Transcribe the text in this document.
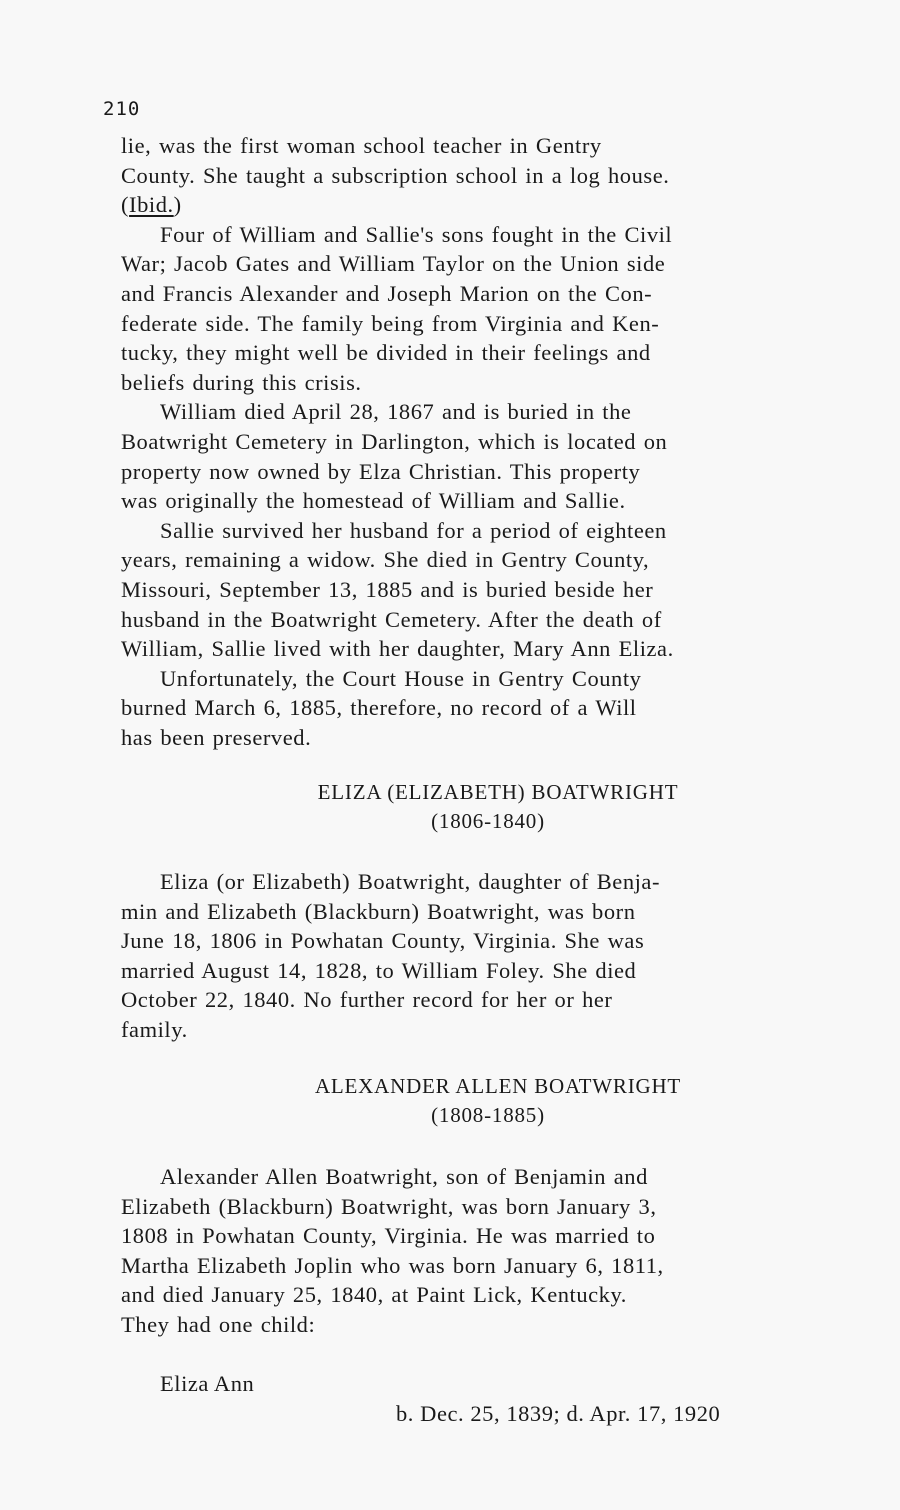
210
lie, was the first woman school teacher in Gentry
County. She taught a subscription school in a log house.
(Ibid.)
Four of William and Sallie's sons fought in the Civil
War; Jacob Gates and William Taylor on the Union side
and Francis Alexander and Joseph Marion on the Con-
federate side. The family being from Virginia and Ken-
tucky, they might well be divided in their feelings and
beliefs during this crisis.
William died April 28, 1867 and is buried in the
Boatwright Cemetery in Darlington, which is located on
property now owned by Elza Christian. This property
was originally the homestead of William and Sallie.
Sallie survived her husband for a period of eighteen
years, remaining a widow. She died in Gentry County,
Missouri, September 13, 1885 and is buried beside her
husband in the Boatwright Cemetery. After the death of
William, Sallie lived with her daughter, Mary Ann Eliza.
Unfortunately, the Court House in Gentry County
burned March 6, 1885, therefore, no record of a Will
has been preserved.
ELIZA (ELIZABETH) BOATWRIGHT
(1806-1840)
Eliza (or Elizabeth) Boatwright, daughter of Benja-
min and Elizabeth (Blackburn) Boatwright, was born
June 18, 1806 in Powhatan County, Virginia. She was
married August 14, 1828, to William Foley. She died
October 22, 1840. No further record for her or her
family.
ALEXANDER ALLEN BOATWRIGHT
(1808-1885)
Alexander Allen Boatwright, son of Benjamin and
Elizabeth (Blackburn) Boatwright, was born January 3,
1808 in Powhatan County, Virginia. He was married to
Martha Elizabeth Joplin who was born January 6, 1811,
and died January 25, 1840, at Paint Lick, Kentucky.
They had one child:

Eliza Ann

b. Dec. 25, 1839; d. Apr. 17, 1920
